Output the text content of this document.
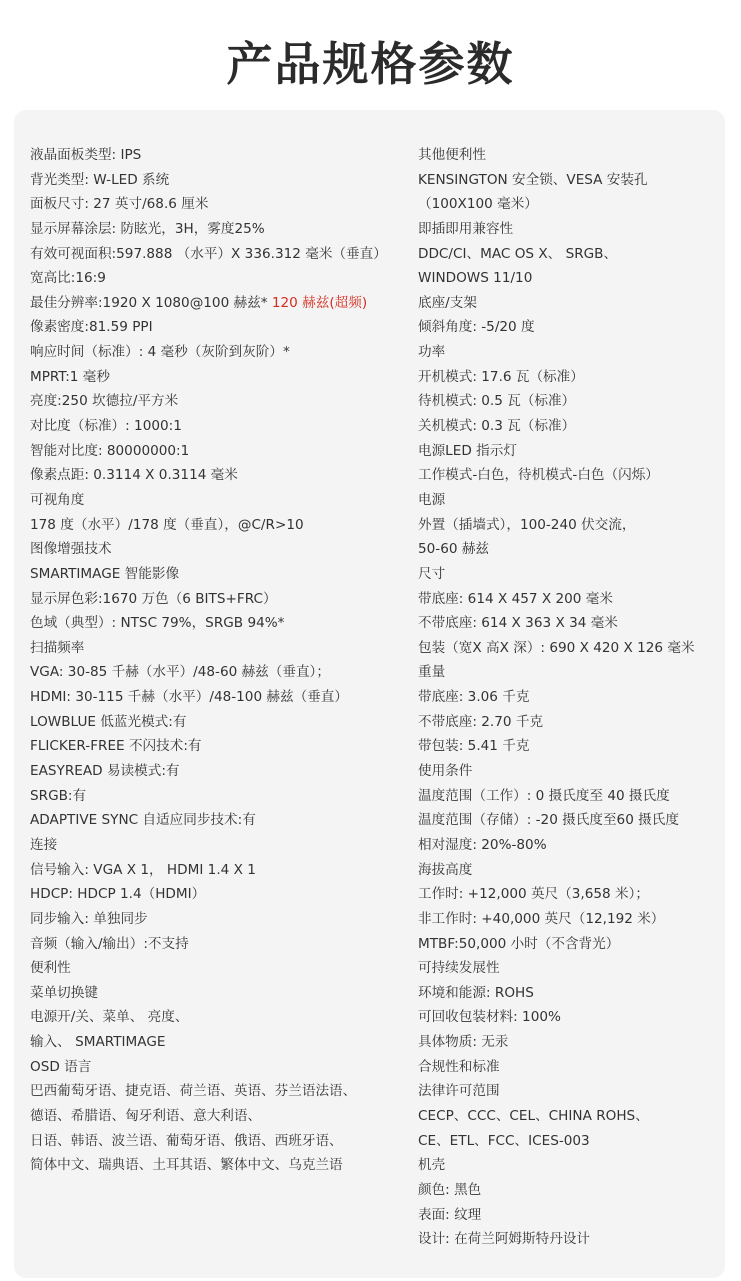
产品规格参数
液晶面板类型: IPS
背光类型: W-LED 系统
面板尺寸: 27 英寸/68.6 厘米
显示屏幕涂层: 防眩光，3H，雾度25%
有效可视面积:597.888 （水平）X 336.312 毫米（垂直）
宽高比:16:9
最佳分辨率:1920 X 1080@100 赫兹* 120 赫兹(超频)
像素密度:81.59 PPI
响应时间（标准）: 4 毫秒（灰阶到灰阶）*
MPRT:1 毫秒
亮度:250 坎德拉/平方米
对比度（标准）: 1000:1
智能对比度: 80000000:1
像素点距: 0.3114 X 0.3114 毫米
可视角度
178 度（水平）/178 度（垂直），@C/R>10
图像增强技术
SMARTIMAGE 智能影像
显示屏色彩:1670 万色（6 BITS+FRC）
色域（典型）: NTSC 79%，SRGB 94%*
扫描频率
VGA: 30-85 千赫（水平）/48-60 赫兹（垂直）；
HDMI: 30-115 千赫（水平）/48-100 赫兹（垂直）
LOWBLUE 低蓝光模式:有
FLICKER-FREE 不闪技术:有
EASYREAD 易读模式:有
SRGB:有
ADAPTIVE SYNC 自适应同步技术:有
连接
信号输入: VGA X 1， HDMI 1.4 X 1
HDCP: HDCP 1.4（HDMI）
同步输入: 单独同步
音频（输入/输出）:不支持
便利性
菜单切换键
电源开/关、菜单、 亮度、
输入、 SMARTIMAGE
OSD 语言
巴西葡萄牙语、捷克语、荷兰语、英语、芬兰语法语、
德语、希腊语、匈牙利语、意大利语、
日语、韩语、波兰语、葡萄牙语、俄语、西班牙语、
简体中文、瑞典语、土耳其语、繁体中文、乌克兰语
其他便利性
KENSINGTON 安全锁、VESA 安装孔
（100X100 毫米）
即插即用兼容性
DDC/CI、MAC OS X、 SRGB、
WINDOWS 11/10
底座/支架
倾斜角度: -5/20 度
功率
开机模式: 17.6 瓦（标准）
待机模式: 0.5 瓦（标准）
关机模式: 0.3 瓦（标准）
电源LED 指示灯
工作模式-白色，待机模式-白色（闪烁）
电源
外置（插墙式），100-240 伏交流，
50-60 赫兹
尺寸
带底座: 614 X 457 X 200 毫米
不带底座: 614 X 363 X 34 毫米
包装（宽X 高X 深）: 690 X 420 X 126 毫米
重量
带底座: 3.06 千克
不带底座: 2.70 千克
带包装: 5.41 千克
使用条件
温度范围（工作）: 0 摄氏度至 40 摄氏度
温度范围（存储）: -20 摄氏度至60 摄氏度
相对湿度: 20%-80%
海拔高度
工作时: +12,000 英尺（3,658 米）；
非工作时: +40,000 英尺（12,192 米）
MTBF:50,000 小时（不含背光）
可持续发展性
环境和能源: ROHS
可回收包装材料: 100%
具体物质: 无汞
合规性和标准
法律许可范围
CECP、CCC、CEL、CHINA ROHS、
CE、ETL、FCC、ICES-003
机壳
颜色: 黑色
表面: 纹理
设计: 在荷兰阿姆斯特丹设计
